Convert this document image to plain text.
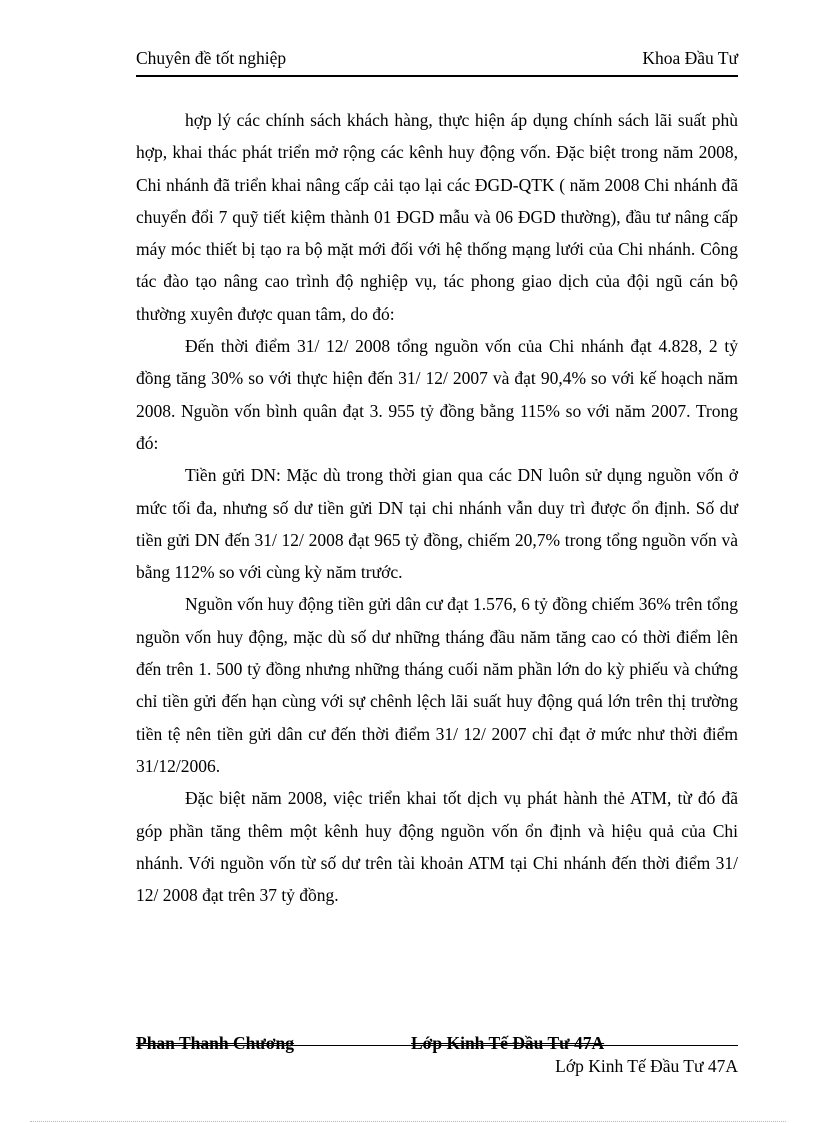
Chuyên đề tốt nghiệp	Khoa Đầu Tư

hợp lý các chính sách khách hàng, thực hiện áp dụng chính sách lãi suất phù hợp, khai thác phát triển mở rộng các kênh huy động vốn. Đặc biệt trong năm 2008, Chi nhánh đã triển khai nâng cấp cải tạo lại các ĐGD-QTK ( năm 2008 Chi nhánh đã chuyển đổi 7 quỹ tiết kiệm thành 01 ĐGD mẫu và 06 ĐGD thường), đầu tư nâng cấp máy móc thiết bị tạo ra bộ mặt mới đối với hệ thống mạng lưới của Chi nhánh. Công tác đào tạo nâng cao trình độ nghiệp vụ, tác phong giao dịch của đội ngũ cán bộ thường xuyên được quan tâm, do đó:

Đến thời điểm 31/ 12/ 2008 tổng nguồn vốn của Chi nhánh đạt 4.828, 2 tỷ đồng tăng 30% so với thực hiện đến 31/ 12/ 2007 và đạt 90,4% so với kế hoạch năm 2008. Nguồn vốn bình quân đạt 3. 955 tỷ đồng bằng 115% so với năm 2007. Trong đó:

Tiền gửi DN: Mặc dù trong thời gian qua các DN luôn sử dụng nguồn vốn ở mức tối đa, nhưng số dư tiền gửi DN tại chi nhánh vẫn duy trì được ổn định. Số dư tiền gửi DN đến 31/ 12/ 2008 đạt 965 tỷ đồng, chiếm 20,7% trong tổng nguồn vốn và bằng 112% so với cùng kỳ năm trước.

Nguồn vốn huy động tiền gửi dân cư đạt 1.576, 6 tỷ đồng chiếm 36% trên tổng nguồn vốn huy động, mặc dù số dư những tháng đầu năm tăng cao có thời điểm lên đến trên 1. 500 tỷ đồng nhưng những tháng cuối năm phần lớn do kỳ phiếu và chứng chỉ tiền gửi đến hạn cùng với sự chênh lệch lãi suất huy động quá lớn trên thị trường tiền tệ nên tiền gửi dân cư đến thời điểm 31/ 12/ 2007 chỉ đạt ở mức như thời điểm 31/12/2006.

Đặc biệt năm 2008, việc triển khai tốt dịch vụ phát hành thẻ ATM, từ đó đã góp phần tăng thêm một kênh huy động nguồn vốn ổn định và hiệu quả của Chi nhánh. Với nguồn vốn từ số dư trên tài khoản ATM tại Chi nhánh đến thời điểm 31/ 12/ 2008 đạt trên 37 tỷ đồng.

Phan Thanh Chương	Lớp Kinh Tế Đầu Tư 47A
Lớp Kinh Tế Đầu Tư 47A
